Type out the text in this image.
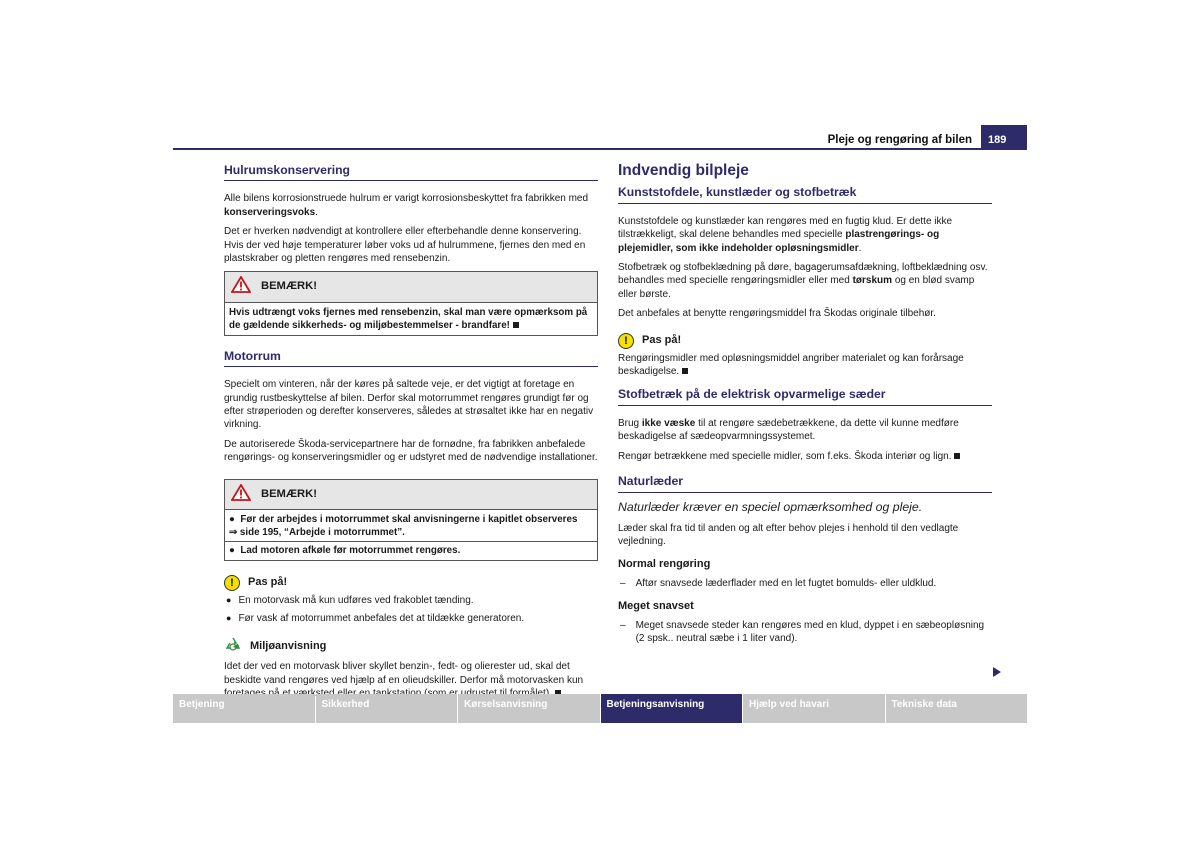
Pleje og rengøring af bilen	189
Hulrumskonservering

Alle bilens korrosionstruede hulrum er varigt korrosionsbeskyttet fra fabrikken med konserveringsvoks.

Det er hverken nødvendigt at kontrollere eller efterbehandle denne konservering. Hvis der ved høje temperaturer løber voks ud af hulrummene, fjernes den med en plastskraber og pletten rengøres med rensebenzin.

BEMÆRK!
Hvis udtrængt voks fjernes med rensebenzin, skal man være opmærksom på de gældende sikkerheds- og miljøbestemmelser - brandfare!
Motorrum

Specielt om vinteren, når der køres på saltede veje, er det vigtigt at foretage en grundig rustbeskyttelse af bilen. Derfor skal motorrummet rengøres grundigt før og efter strøperioden og derefter konserveres, således at strøsaltet ikke har en negativ virkning.

De autoriserede Škoda-servicepartnere har de fornødne, fra fabrikken anbefalede rengørings- og konserveringsmidler og er udstyret med de nødvendige installationer.

BEMÆRK!
● Før der arbejdes i motorrummet skal anvisningerne i kapitlet observeres
⇒ side 195, “Arbejde i motorrummet”.
● Lad motoren afkøle før motorrummet rengøres.
!	Pas på!
● En motorvask må kun udføres ved frakoblet tænding.
● Før vask af motorrummet anbefales det at tildække generatoren.
Miljøanvisning

Idet der ved en motorvask bliver skyllet benzin-, fedt- og olierester ud, skal det beskidte vand rengøres ved hjælp af en olieudskiller. Derfor må motorvasken kun

Indvendig bilpleje
Kunststofdele, kunstlæder og stofbetræk

Kunststofdele og kunstlæder kan rengøres med en fugtig klud. Er dette ikke tilstrækkeligt, skal delene behandles med specielle plastrengørings- og plejemidler, som ikke indeholder opløsningsmidler.

Stofbetræk og stofbeklædning på døre, bagagerumsafdækning, loftbeklædning osv. behandles med specielle rengøringsmidler eller med tørskum og en blød svamp eller børste.

Det anbefales at benytte rengøringsmiddel fra Škodas originale tilbehør.

!	Pas på!

Rengøringsmidler med opløsningsmiddel angriber materialet og kan forårsage beskadigelse.

Stofbetræk på de elektrisk opvarmelige sæder

Brug ikke væske til at rengøre sædebetrækkene, da dette vil kunne medføre beskadigelse af sædeopvarmningssystemet.

Rengør betrækkene med specielle midler, som f.eks. Škoda interiør og lign.

Naturlæder

Naturlæder kræver en speciel opmærksomhed og pleje.

Læder skal fra tid til anden og alt efter behov plejes i henhold til den vedlagte vejledning.

Normal rengøring
– Aftør snavsede læderflader med en let fugtet bomulds- eller uldklud.
Meget snavset
– Meget snavsede steder kan rengøres med en klud, dyppet i en sæbeopløsning (2 spsk.. neutral sæbe i 1 liter vand).
Betjening	Sikkerhed	Kørselsanvisning	Betjeningsanvisning	Hjælp ved havari	Tekniske data
